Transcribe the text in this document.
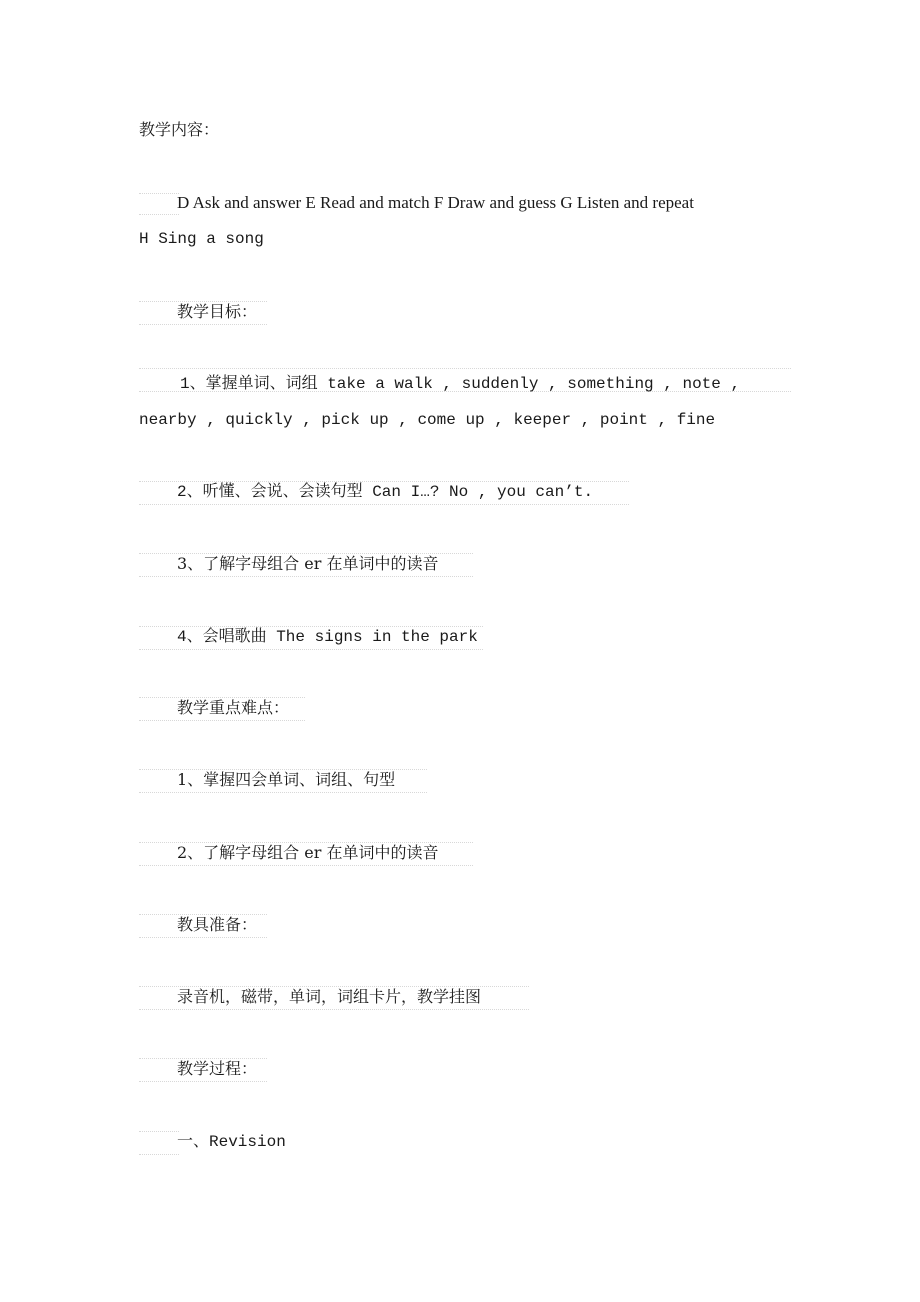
教学内容：
D Ask and answer E Read and match F Draw and guess G Listen and repeat
H Sing a song
教学目标：
1、掌握单词、词组 take a walk , suddenly , something , note ,
nearby , quickly , pick up , come up , keeper , point , fine
2、听懂、会说、会读句型 Can I…? No , you can’t.
3、了解字母组合 er 在单词中的读音
4、会唱歌曲 The signs in the park
教学重点难点：
1、掌握四会单词、词组、句型
2、了解字母组合 er 在单词中的读音
教具准备：
录音机，磁带，单词，词组卡片，教学挂图
教学过程：
一、Revision
